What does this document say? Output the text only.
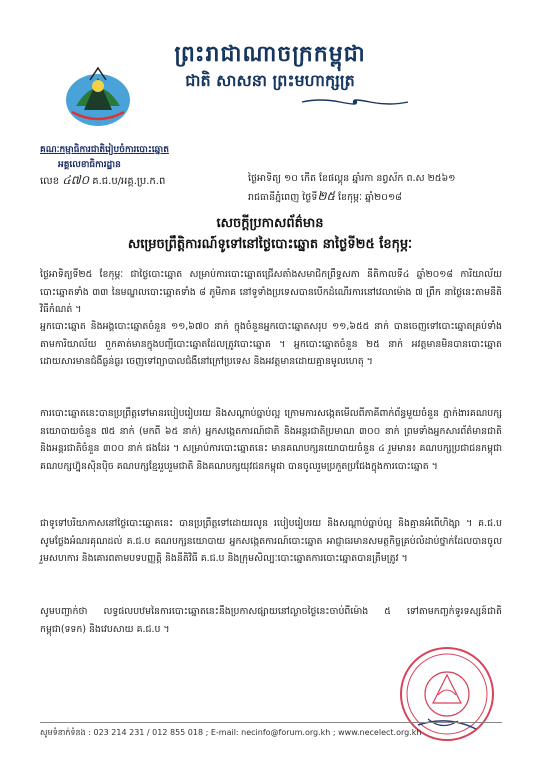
ព្រះរាជាណាចក្រកម្ពុជា
ជាតិ សាសនា ព្រះមហាក្សត្រ
គណៈកម្មាធិការជាតិរៀបចំការបោះឆ្នោត
អគ្គលេខាធិការដ្ឋាន
លេខ ៤៧០ គ.ជ.ប/អគ្គ.ប្រ.ក.ព	ថ្ងៃអាទិត្យ ១០ កើត ខែផល្គុន ឆ្នាំរកា នព្វស័ក ព.ស ២៥៦១
រាជធានីភ្នំពេញ ថ្ងៃទី២៥ ខែកុម្ភៈ ឆ្នាំ២០១៨
សេចក្តីប្រកាសព័ត៌មាន
សម្រេចព្រឹត្តិការណ៍ទូទៅនៅថ្ងៃបោះឆ្នោត នាថ្ងៃទី២៥ ខែកុម្ភៈ
ថ្ងៃអាទិត្យទី២៥ ខែកុម្ភៈ ជាថ្ងៃបោះឆ្នោត សម្រាប់ការបោះឆ្នោតជ្រើសតាំងសមាជិកព្រឹទ្ធសភា នីតិកាលទី៤ ឆ្នាំ២០១៨ ការិយាល័យបោះឆ្នោតទាំង ៣៣ នៃមណ្ឌលបោះឆ្នោតទាំង ៨ ភូមិភាគ នៅទូទាំងប្រទេសបានបើកដំណើរការនៅវេលាម៉ោង ៧ ព្រឹក នាថ្ងៃនេះតាមនីតិវិធីកំណត់ ។
អ្នកបោះឆ្នោត និងអង្គបោះឆ្នោតចំនួន ១១,៦៧០ នាក់ ក្នុងចំនួនអ្នកបោះឆ្នោតសរុប ១១,៦៥៥ នាក់ បានចេញទៅបោះឆ្នោតគ្រប់ទាំងតាមការិយាល័យ ពួកគាត់មានក្នុងបញ្ជីបោះឆ្នោតដែលត្រូវបោះឆ្នោត ។ អ្នកបោះឆ្នោតចំនួន ២៥ នាក់ អវត្តមានមិនបានបោះឆ្នោតដោយសារមានជំងឺធ្ងន់ធ្ងរ ចេញទៅព្យាបាលជំងឺនៅក្រៅប្រទេស និងអវត្តមានដោយគ្មានមូលហេតុ ។
ការបោះឆ្នោតនេះបានប្រព្រឹត្តទៅមានរបៀបរៀបរយ និងសណ្តាប់ធ្នាប់ល្អ ក្រោមការសង្កេតមើលពីភាគីពាក់ព័ន្ធមួយចំនួន ភ្នាក់ងារគណបក្សនយោបាយចំនួន ៧៥ នាក់ (មកពី ៦៥ នាក់) អ្នកសង្កេតការណ៍ជាតិ និងអន្តរជាតិប្រមាណ ៣០០ នាក់ ព្រមទាំងអ្នកសារព័ត៌មានជាតិ និងអន្តរជាតិចំនួន ៣០០ នាក់ ផងដែរ ។ សម្រាប់ការបោះឆ្នោតនេះ មានគណបក្សនយោបាយចំនួន ៤ រួមមាន៖ គណបក្សប្រជាជនកម្ពុជា គណបក្សហ្វ៊ុនស៊ិនប៉ិច គណបក្សខ្មែររួបរួមជាតិ និងគណបក្សយុវជនកម្ពុជា បានចូលរួមប្រកួតប្រជែងក្នុងការបោះឆ្នោត ។
ជាទូទៅបរិយាកាសនៅថ្ងៃបោះឆ្នោតនេះ បានប្រព្រឹត្តទៅដោយរលូន របៀបរៀបរយ និងសណ្តាប់ធ្នាប់ល្អ និងគ្មានអំពើហិង្សា ។ គ.ជ.ប សូមថ្លែងអំណរគុណដល់ គ.ជ.ប គណបក្សនយោបាយ អ្នកសង្កេតការណ៍បោះឆ្នោត អាជ្ញាធរមានសមត្ថកិច្ចគ្រប់លំដាប់ថ្នាក់ដែលបានចូលរួមសហការ និងគោរពតាមបទបញ្ញត្តិ និងនីតិវិធី គ.ជ.ប និងក្រុមសិល្បៈបោះឆ្នោតការបោះឆ្នោតបានត្រឹមត្រូវ ។
សូមបញ្ជាក់ថា លទ្ធផលបឋមនៃការបោះឆ្នោតនេះនឹងប្រកាសផ្សាយនៅល្ងាចថ្ងៃនេះចាប់ពីម៉ោង ៥ ទៅតាមកញ្ចក់ទូរទស្សន៍ជាតិកម្ពុជា(ទទក) និងវេបសាយ គ.ជ.ប ។
សូមទំនាក់ទំនង : 023 214 231 / 012 855 018 ; E-mail: necinfo@forum.org.kh ; www.necelect.org.kh
